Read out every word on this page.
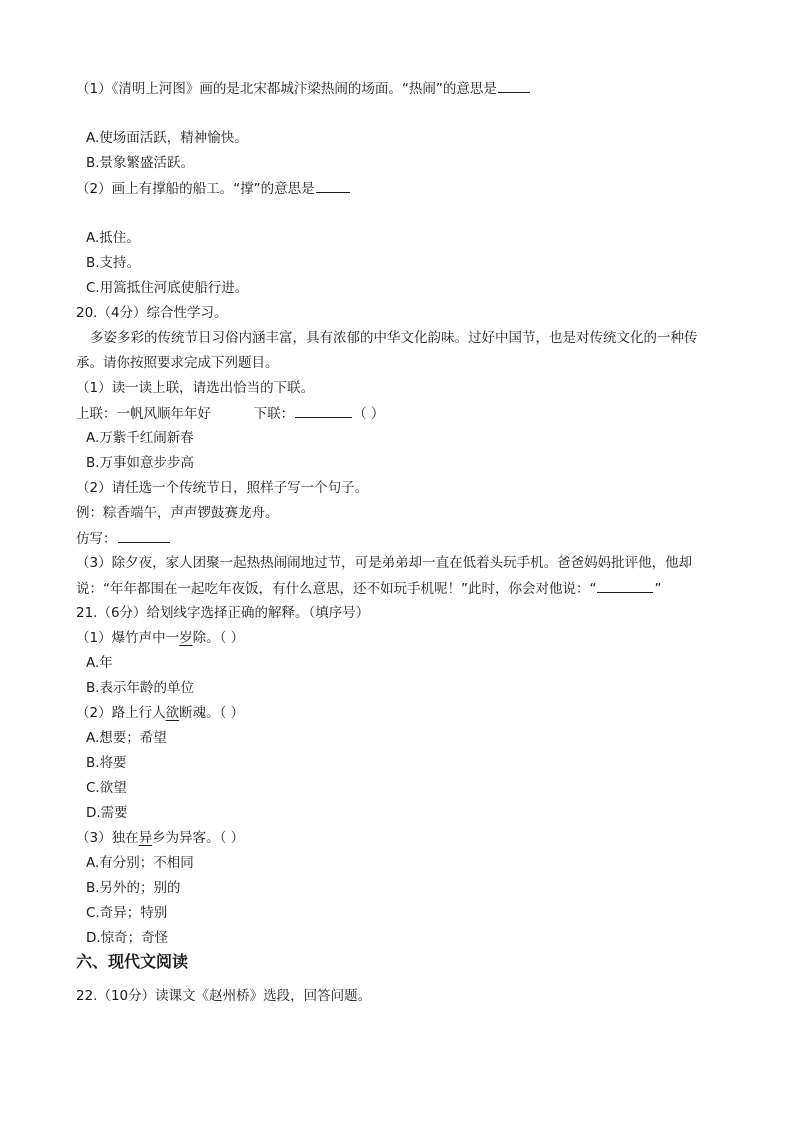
（1）《清明上河图》画的是北宋都城汴梁热闹的场面。“热闹”的意思是
A.使场面活跃，精神愉快。
B.景象繁盛活跃。
（2）画上有撑船的船工。“撑”的意思是
A.抵住。
B.支持。
C.用篙抵住河底使船行进。
20.（4分）综合性学习。
多姿多彩的传统节日习俗内涵丰富，具有浓郁的中华文化韵味。过好中国节，也是对传统文化的一种传
承。请你按照要求完成下列题目。
（1）读一读上联，请选出恰当的下联。
上联：一帆风顺年年好	下联：	（ ）
A.万紫千红闹新春
B.万事如意步步高
（2）请任选一个传统节日，照样子写一个句子。
例：粽香端午，声声锣鼓赛龙舟。
仿写：
（3）除夕夜，家人团聚一起热热闹闹地过节，可是弟弟却一直在低着头玩手机。爸爸妈妈批评他，他却
说：“年年都围在一起吃年夜饭，有什么意思，还不如玩手机呢！”此时，你会对他说：“	”
21.（6分）给划线字选择正确的解释。（填序号）
（1）爆竹声中一岁除。（ ）
A.年
B.表示年龄的单位
（2）路上行人欲断魂。（ ）
A.想要；希望
B.将要
C.欲望
D.需要
（3）独在异乡为异客。（ ）
A.有分别；不相同
B.另外的；别的
C.奇异；特别
D.惊奇；奇怪
六、现代文阅读
22.（10分）读课文《赵州桥》选段，回答问题。
